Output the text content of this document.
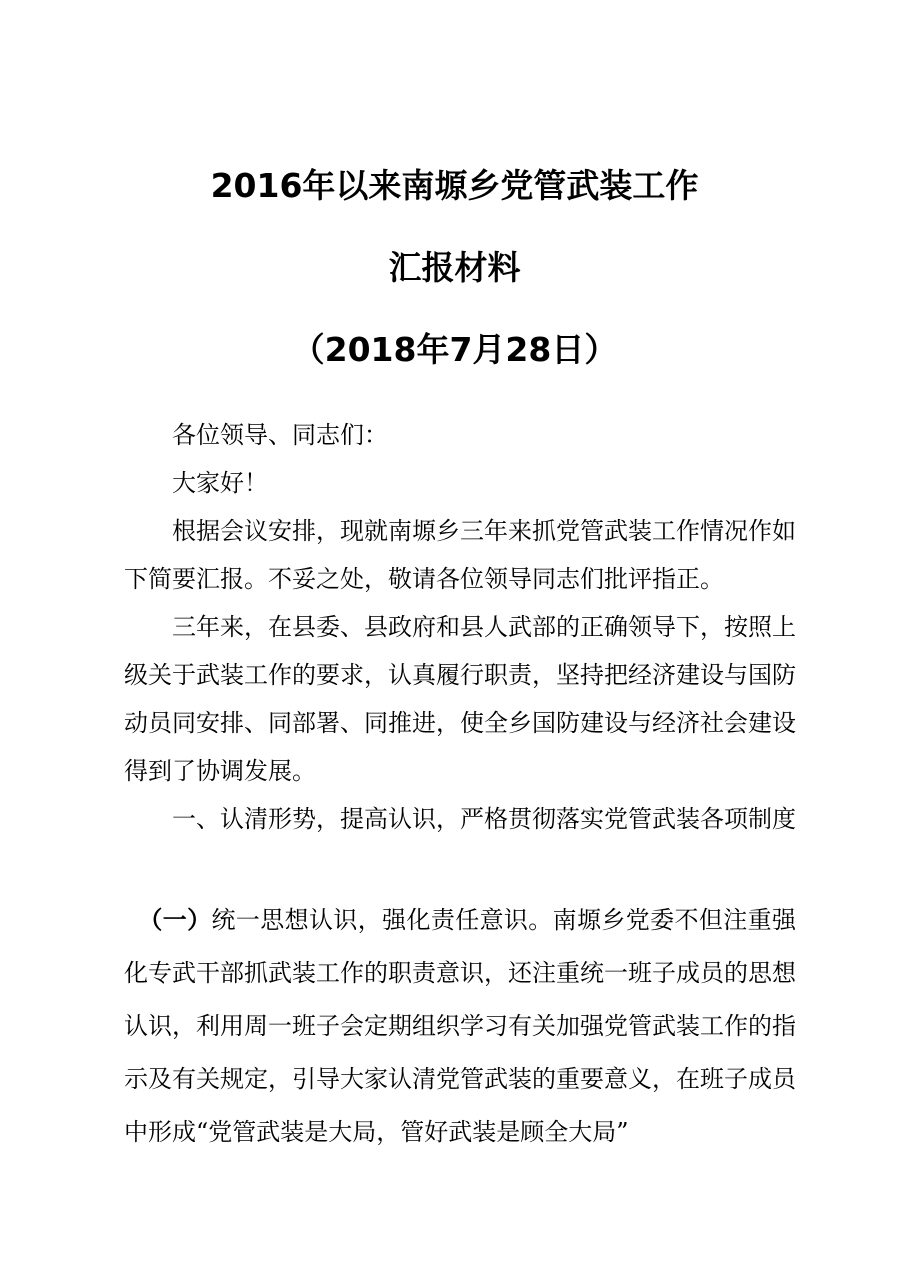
2016年以来南塬乡党管武装工作
汇报材料
（2018年7月28日）

各位领导、同志们：

大家好！

根据会议安排，现就南塬乡三年来抓党管武装工作情况作如下简要汇报。不妥之处，敬请各位领导同志们批评指正。

三年来，在县委、县政府和县人武部的正确领导下，按照上级关于武装工作的要求，认真履行职责，坚持把经济建设与国防动员同安排、同部署、同推进，使全乡国防建设与经济社会建设得到了协调发展。

一、认清形势，提高认识，严格贯彻落实党管武装各项制度

（一）统一思想认识，强化责任意识。南塬乡党委不但注重强化专武干部抓武装工作的职责意识，还注重统一班子成员的思想认识，利用周一班子会定期组织学习有关加强党管武装工作的指示及有关规定，引导大家认清党管武装的重要意义，在班子成员中形成“党管武装是大局，管好武装是顾全大局”
